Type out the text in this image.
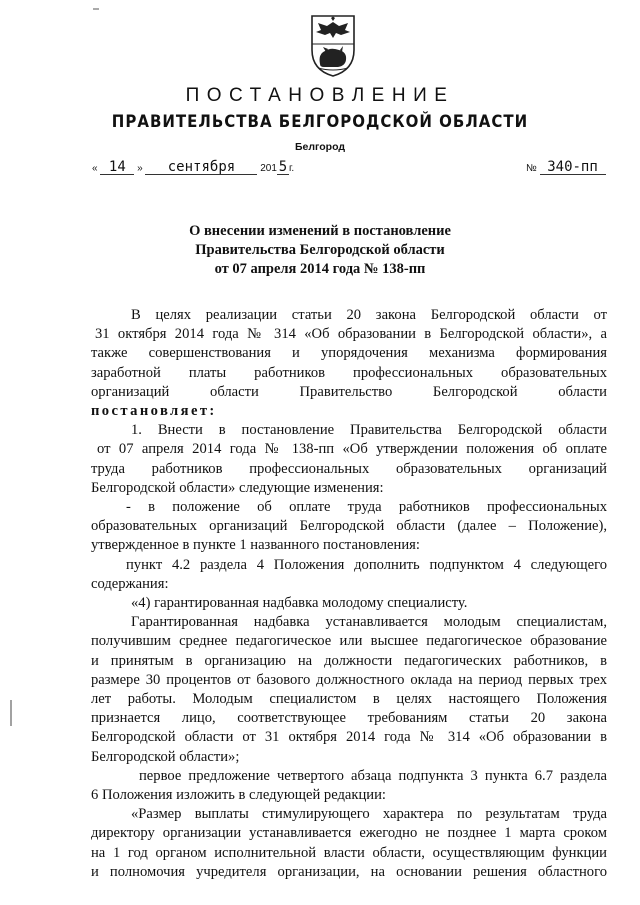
ПОСТАНОВЛЕНИЕ
ПРАВИТЕЛЬСТВА БЕЛГОРОДСКОЙ ОБЛАСТИ
Белгород
« 14 » сентября	201 5 г.	№ 340-пп
О внесении изменений в постановление
Правительства Белгородской области
от 07 апреля 2014 года № 138-пп

В целях реализации статьи 20 закона Белгородской области от

31 октября 2014 года № 314 «Об образовании в Белгородской области», а

также совершенствования и упорядочения механизма формирования

заработной платы работников профессиональных образовательных

организаций области Правительство Белгородской области

постановляет:

1. Внести в постановление Правительства Белгородской области

от 07 апреля 2014 года № 138-пп «Об утверждении положения об оплате

труда работников профессиональных образовательных организаций

Белгородской области» следующие изменения:

- в положение об оплате труда работников профессиональных

образовательных организаций Белгородской области (далее – Положение),

утвержденное в пункте 1 названного постановления:

пункт 4.2 раздела 4 Положения дополнить подпунктом 4 следующего

содержания:

«4) гарантированная надбавка молодому специалисту.

Гарантированная надбавка устанавливается молодым специалистам,

получившим среднее педагогическое или высшее педагогическое образование

и принятым в организацию на должности педагогических работников, в

размере 30 процентов от базового должностного оклада на период первых трех

лет работы. Молодым специалистом в целях настоящего Положения

признается лицо, соответствующее требованиям статьи 20 закона

Белгородской области от 31 октября 2014 года № 314 «Об образовании в

Белгородской области»;

первое предложение четвертого абзаца подпункта 3 пункта 6.7 раздела

6 Положения изложить в следующей редакции:

«Размер выплаты стимулирующего характера по результатам труда

директору организации устанавливается ежегодно не позднее 1 марта сроком

на 1 год органом исполнительной власти области, осуществляющим функции

и полномочия учредителя организации, на основании решения областного
